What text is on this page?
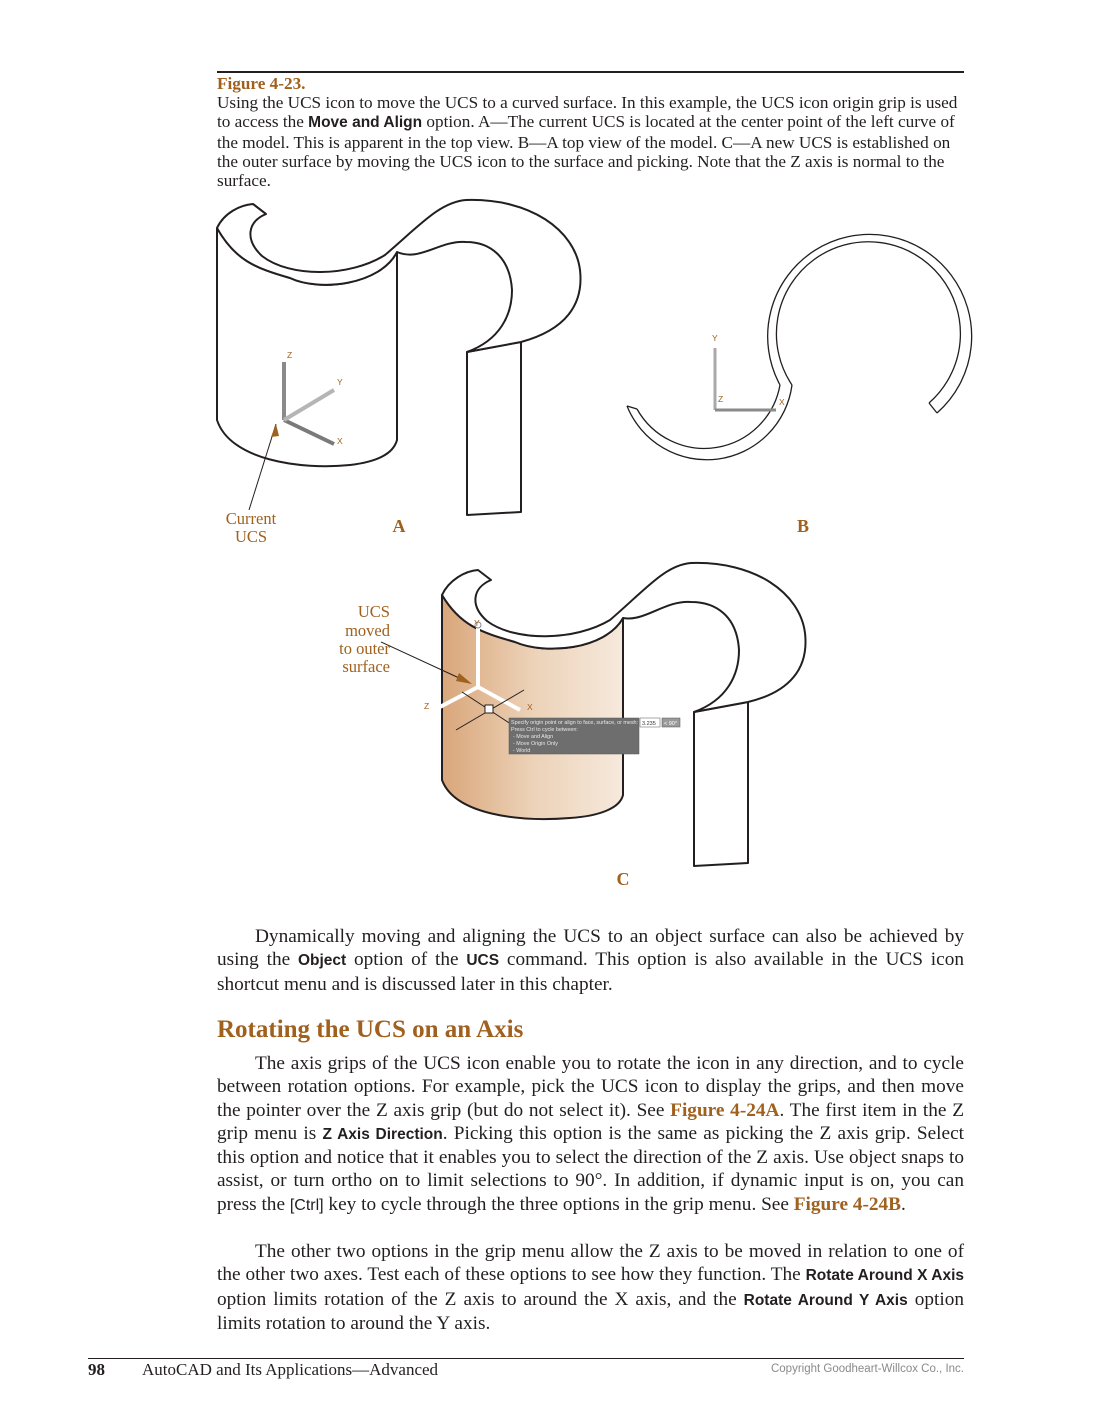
Figure 4-23.
Using the UCS icon to move the UCS to a curved surface. In this example, the UCS icon origin grip is used to access the Move and Align option. A—The current UCS is located at the center point of the left curve of the model. This is apparent in the top view. B—A top view of the model. C—A new UCS is established on the outer surface by moving the UCS icon to the surface and picking. Note that the Z axis is normal to the surface.
Z
Y
X
Current
UCS
A
Y
Z	X
B
Y
Z	X
Specify origin point or align to face, surface, or mesh:
Press Ctrl to cycle between:
- Move and Align
- Move Origin Only
- World
3.235 < 90°
UCS
moved
to outer
surface
C

Dynamically moving and aligning the UCS to an object surface can also be achieved by using the Object option of the UCS command. This option is also available in the UCS icon shortcut menu and is discussed later in this chapter.

Rotating the UCS on an Axis

The axis grips of the UCS icon enable you to rotate the icon in any direction, and to cycle between rotation options. For example, pick the UCS icon to display the grips, and then move the pointer over the Z axis grip (but do not select it). See Figure 4-24A. The first item in the Z grip menu is Z Axis Direction. Picking this option is the same as picking the Z axis grip. Select this option and notice that it enables you to select the direction of the Z axis. Use object snaps to assist, or turn ortho on to limit selections to 90°. In addition, if dynamic input is on, you can press the [Ctrl] key to cycle through the three options in the grip menu. See Figure 4-24B.

The other two options in the grip menu allow the Z axis to be moved in relation to one of the other two axes. Test each of these options to see how they function. The Rotate Around X Axis option limits rotation of the Z axis to around the X axis, and the Rotate Around Y Axis option limits rotation to around the Y axis.

98 AutoCAD and Its Applications—Advanced	Copyright Goodheart-Willcox Co., Inc.
